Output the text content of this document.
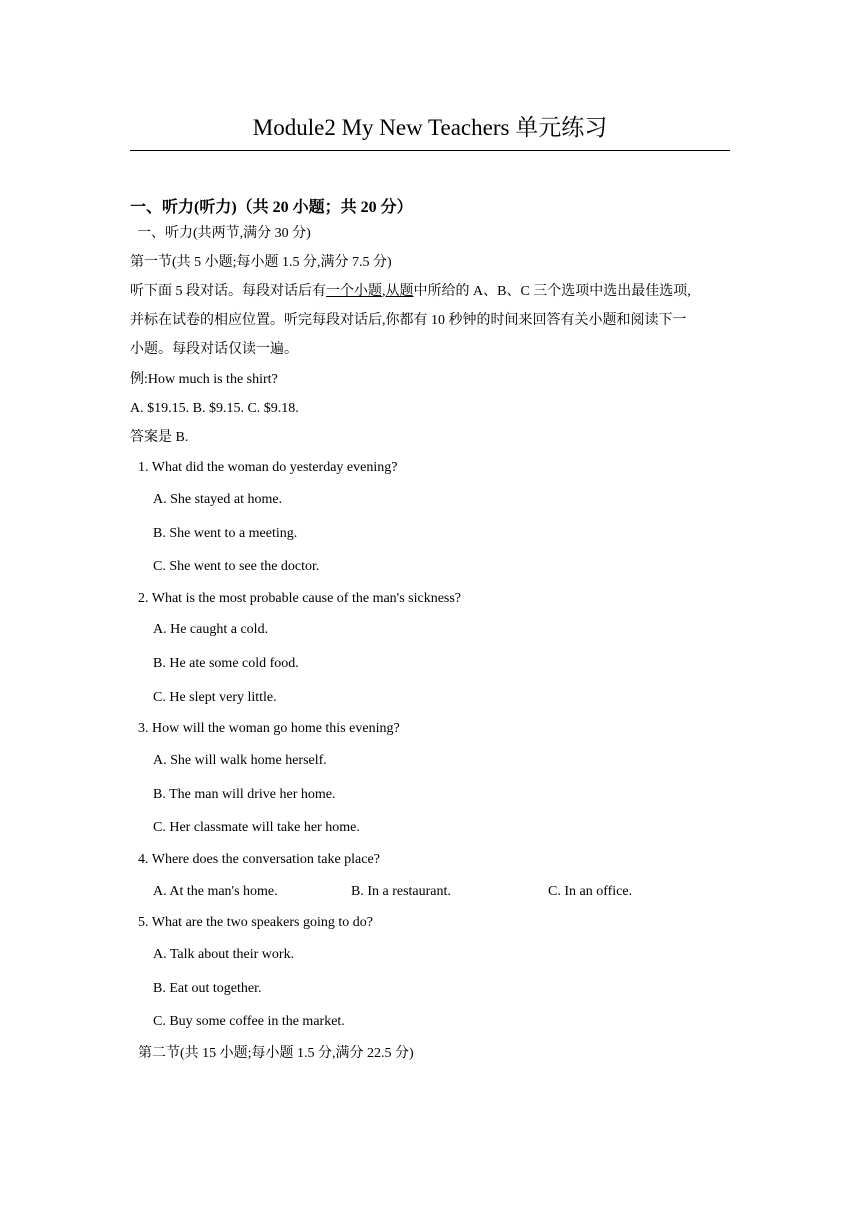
Module2 My New Teachers 单元练习
一、听力(听力)（共 20 小题；共 20 分）
一、听力(共两节,满分 30 分)
第一节(共 5 小题;每小题 1.5 分,满分 7.5 分)
听下面 5 段对话。每段对话后有一个小题,从题中所给的 A、B、C 三个选项中选出最佳选项,
并标在试卷的相应位置。听完每段对话后,你都有 10 秒钟的时间来回答有关小题和阅读下一
小题。每段对话仅读一遍。
例:How much is the shirt?
A. $19.15. B. $9.15. C. $9.18.
答案是 B.
1. What did the woman do yesterday evening?
A. She stayed at home.
B. She went to a meeting.
C. She went to see the doctor.
2. What is the most probable cause of the man's sickness?
A. He caught a cold.
B. He ate some cold food.
C. He slept very little.
3. How will the woman go home this evening?
A. She will walk home herself.
B. The man will drive her home.
C. Her classmate will take her home.
4. Where does the conversation take place?
A. At the man's home.	B. In a restaurant.	C. In an office.
5. What are the two speakers going to do?
A. Talk about their work.
B. Eat out together.
C. Buy some coffee in the market.
第二节(共 15 小题;每小题 1.5 分,满分 22.5 分)
